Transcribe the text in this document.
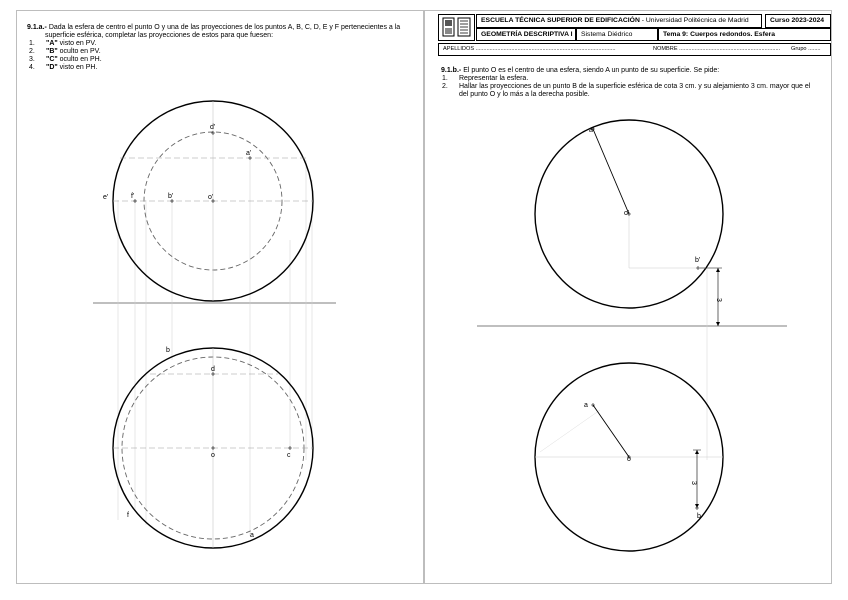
9.1.a.- Dada la esfera de centro el punto O y una de las proyecciones de los puntos A, B, C, D, E y F pertenecientes a la
superficie esférica, completar las proyecciones de estos para que fuesen:
1. "A" visto en PV.
2. "B" oculto en PV.
3. "C" oculto en PH.
4. "D" visto en PH.
ESCUELA TÉCNICA SUPERIOR DE EDIFICACIÓN - Universidad Politécnica de Madrid	Curso 2023-2024
GEOMETRÍA DESCRIPTIVA I	Sistema Diédrico	Tema 9: Cuerpos redondos. Esfera
APELLIDOS ..........................................................................................	NOMBRE ................................................................. Grupo ........
9.1.b.- El punto O es el centro de una esfera, siendo A un punto de su superficie. Se pide:
1. Representar la esfera.
2. Hallar las proyecciones de un punto B de la superficie esférica de cota 3 cm. y su alejamiento 3 cm. mayor que el
del punto O y lo más a la derecha posible.
d'
a'
e'	f'	b'	o'
b
d
o	c
f
a
a'
o'
b'
a
o
b
3
3
